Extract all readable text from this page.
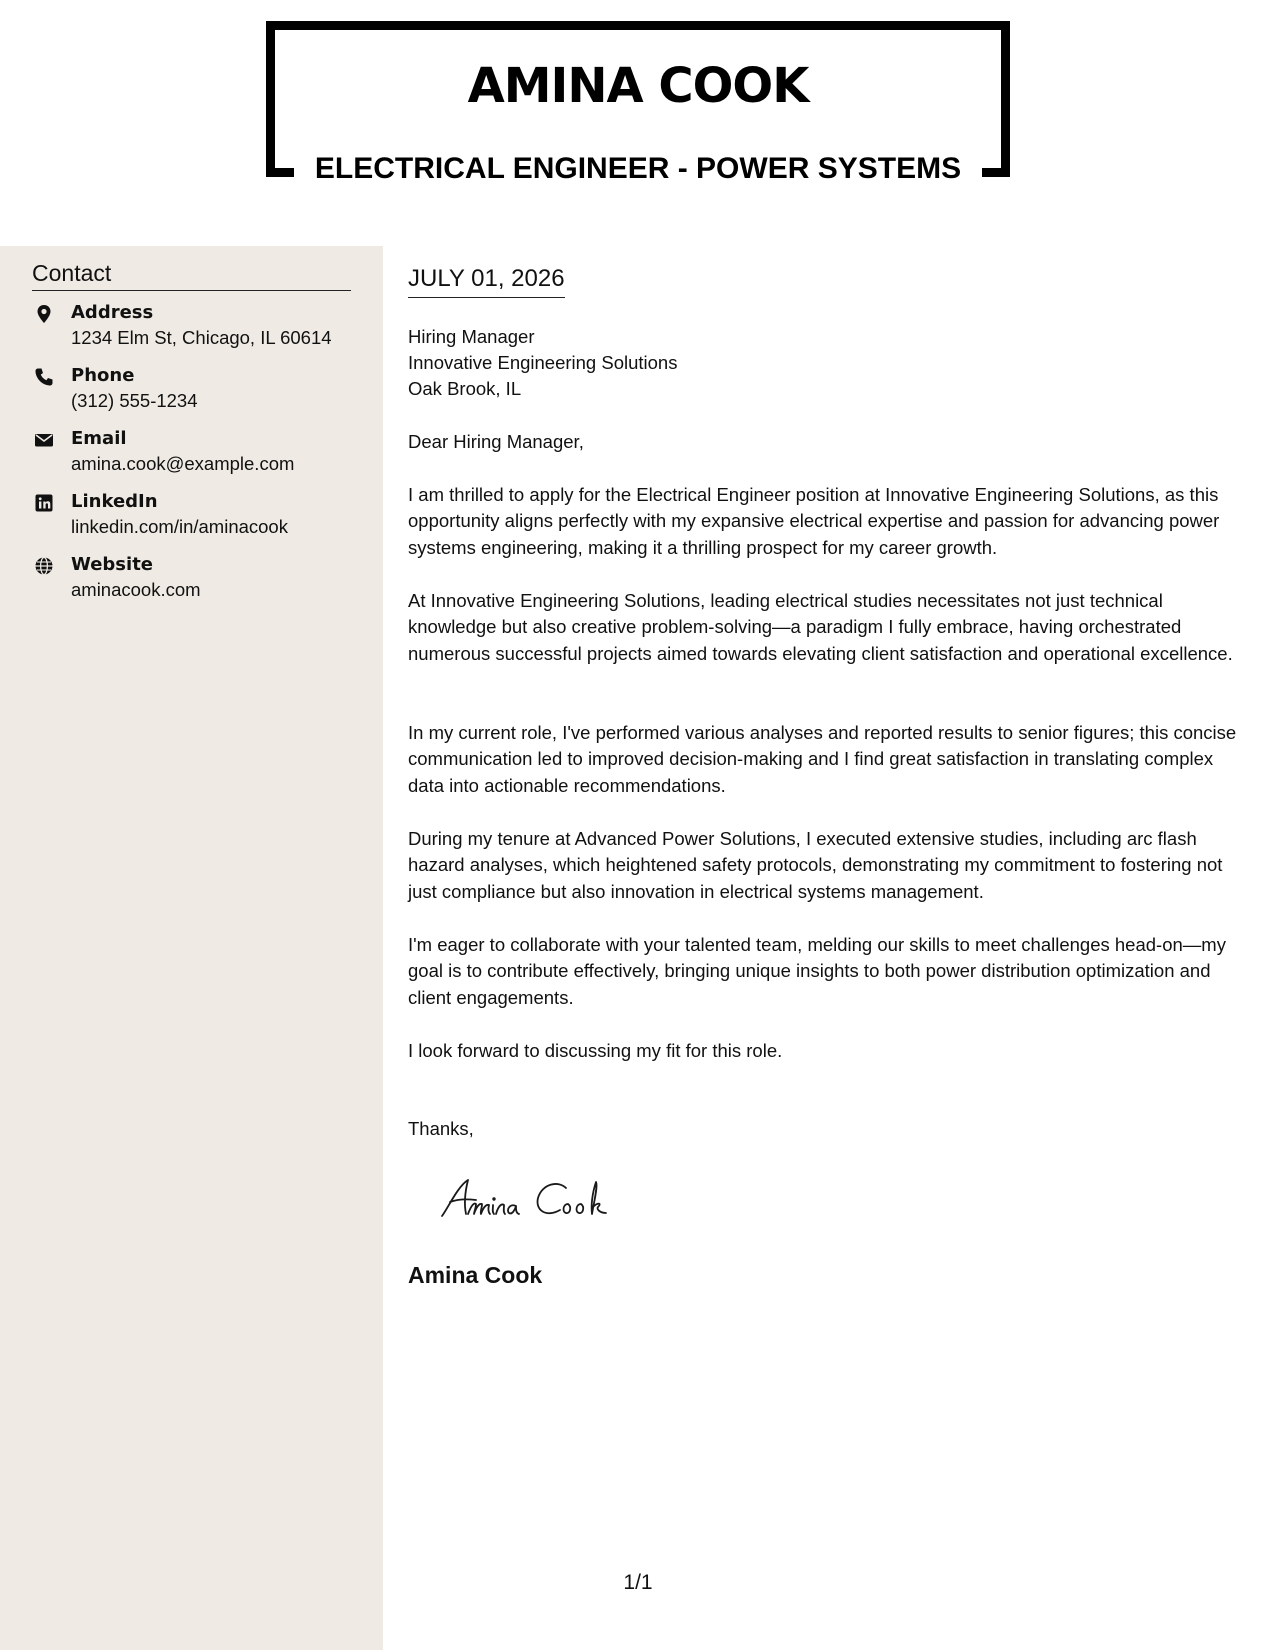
AMINA COOK
ELECTRICAL ENGINEER - POWER SYSTEMS
Contact
Address
1234 Elm St, Chicago, IL 60614
Phone
(312) 555-1234
Email
amina.cook@example.com
LinkedIn
linkedin.com/in/aminacook
Website
aminacook.com
JULY 01, 2026
Hiring Manager
Innovative Engineering Solutions
Oak Brook, IL
Dear Hiring Manager,

I am thrilled to apply for the Electrical Engineer position at Innovative Engineering Solutions, as this opportunity aligns perfectly with my expansive electrical expertise and passion for advancing power systems engineering, making it a thrilling prospect for my career growth.

At Innovative Engineering Solutions, leading electrical studies necessitates not just technical knowledge but also creative problem-solving—a paradigm I fully embrace, having orchestrated numerous successful projects aimed towards elevating client satisfaction and operational excellence.

In my current role, I've performed various analyses and reported results to senior figures; this concise communication led to improved decision-making and I find great satisfaction in translating complex data into actionable recommendations.

During my tenure at Advanced Power Solutions, I executed extensive studies, including arc flash hazard analyses, which heightened safety protocols, demonstrating my commitment to fostering not just compliance but also innovation in electrical systems management.

I'm eager to collaborate with your talented team, melding our skills to meet challenges head-on—my goal is to contribute effectively, bringing unique insights to both power distribution optimization and client engagements.

I look forward to discussing my fit for this role.

Thanks,
Amina Cook
1/1
